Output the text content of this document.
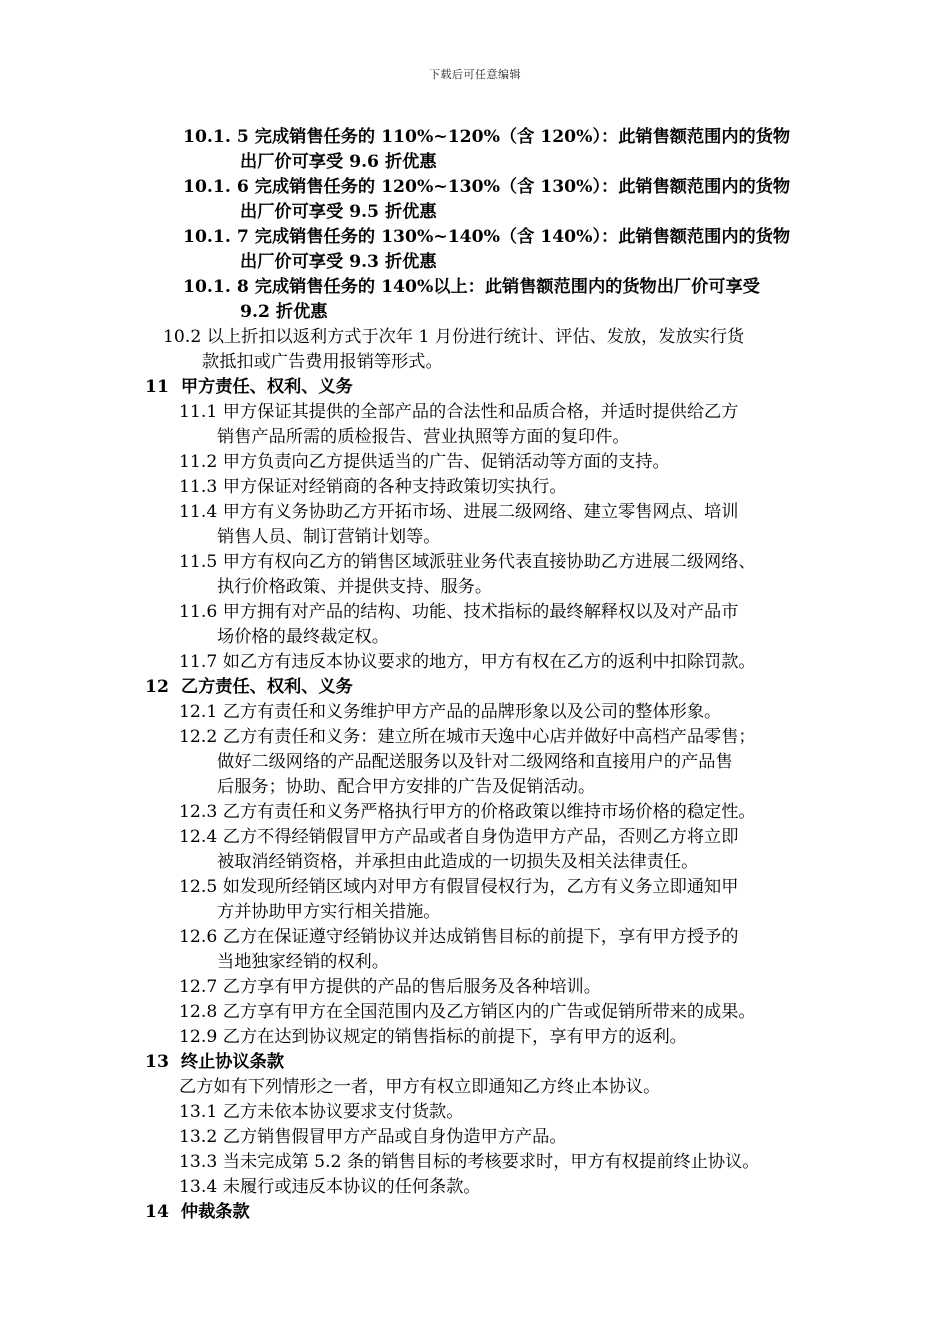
下载后可任意编辑
10.1. 5 完成销售任务的 110%~120%（含 120%）：此销售额范围内的货物
出厂价可享受 9.6 折优惠
10.1. 6 完成销售任务的 120%~130%（含 130%）：此销售额范围内的货物
出厂价可享受 9.5 折优惠
10.1. 7 完成销售任务的 130%~140%（含 140%）：此销售额范围内的货物
出厂价可享受 9.3 折优惠
10.1. 8 完成销售任务的 140%以上：此销售额范围内的货物出厂价可享受
9.2 折优惠
10.2 以上折扣以返利方式于次年 1 月份进行统计、评估、发放，发放实行货
款抵扣或广告费用报销等形式。
11 甲方责任、权利、义务
11.1 甲方保证其提供的全部产品的合法性和品质合格，并适时提供给乙方
销售产品所需的质检报告、营业执照等方面的复印件。
11.2 甲方负责向乙方提供适当的广告、促销活动等方面的支持。
11.3 甲方保证对经销商的各种支持政策切实执行。
11.4 甲方有义务协助乙方开拓市场、进展二级网络、建立零售网点、培训
销售人员、制订营销计划等。
11.5 甲方有权向乙方的销售区域派驻业务代表直接协助乙方进展二级网络、
执行价格政策、并提供支持、服务。
11.6 甲方拥有对产品的结构、功能、技术指标的最终解释权以及对产品市
场价格的最终裁定权。
11.7 如乙方有违反本协议要求的地方，甲方有权在乙方的返利中扣除罚款。
12 乙方责任、权利、义务
12.1 乙方有责任和义务维护甲方产品的品牌形象以及公司的整体形象。
12.2 乙方有责任和义务：建立所在城市天逸中心店并做好中高档产品零售；
做好二级网络的产品配送服务以及针对二级网络和直接用户的产品售
后服务；协助、配合甲方安排的广告及促销活动。
12.3 乙方有责任和义务严格执行甲方的价格政策以维持市场价格的稳定性。
12.4 乙方不得经销假冒甲方产品或者自身伪造甲方产品，否则乙方将立即
被取消经销资格，并承担由此造成的一切损失及相关法律责任。
12.5 如发现所经销区域内对甲方有假冒侵权行为，乙方有义务立即通知甲
方并协助甲方实行相关措施。
12.6 乙方在保证遵守经销协议并达成销售目标的前提下，享有甲方授予的
当地独家经销的权利。
12.7 乙方享有甲方提供的产品的售后服务及各种培训。
12.8 乙方享有甲方在全国范围内及乙方销区内的广告或促销所带来的成果。
12.9 乙方在达到协议规定的销售指标的前提下，享有甲方的返利。
13 终止协议条款
乙方如有下列情形之一者，甲方有权立即通知乙方终止本协议。
13.1 乙方未依本协议要求支付货款。
13.2 乙方销售假冒甲方产品或自身伪造甲方产品。
13.3 当未完成第 5.2 条的销售目标的考核要求时，甲方有权提前终止协议。
13.4 未履行或违反本协议的任何条款。
14 仲裁条款
